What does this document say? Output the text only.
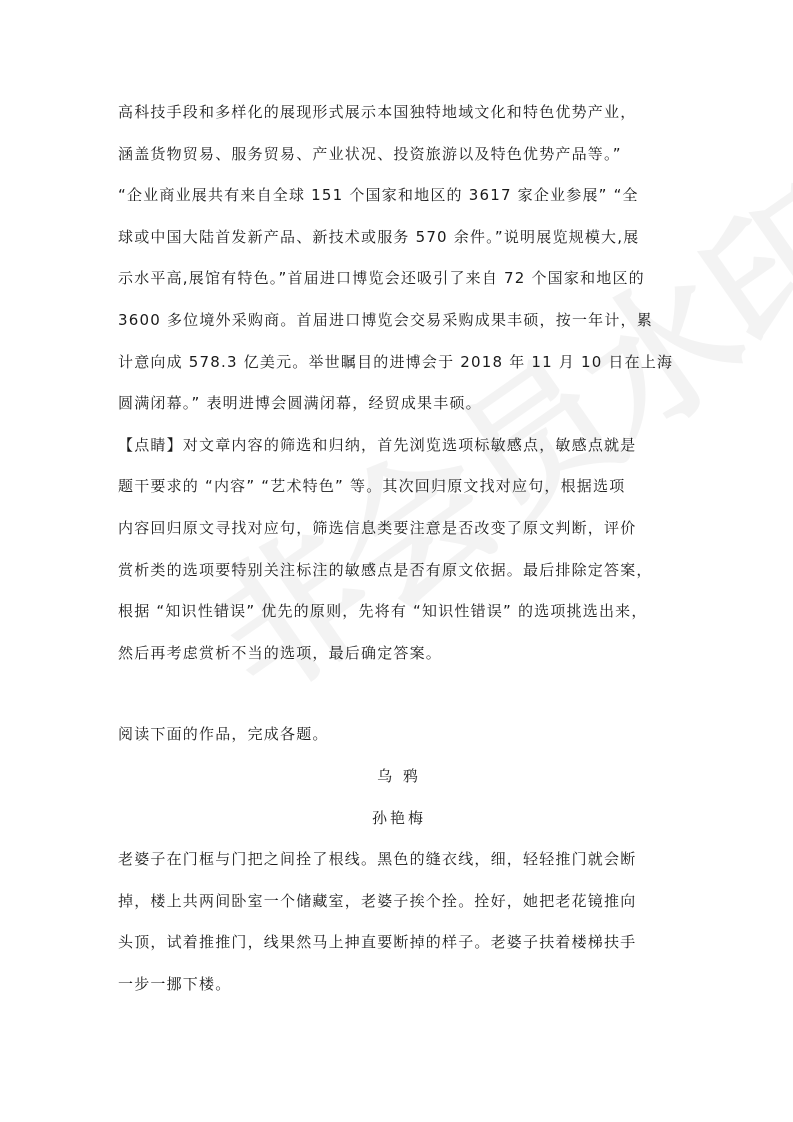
高科技手段和多样化的展现形式展示本国独特地域文化和特色优势产业，
涵盖货物贸易、服务贸易、产业状况、投资旅游以及特色优势产品等。”
“企业商业展共有来自全球 151 个国家和地区的 3617 家企业参展” “全
球或中国大陆首发新产品、新技术或服务 570 余件。”说明展览规模大,展
示水平高,展馆有特色。”首届进口博览会还吸引了来自 72 个国家和地区的
3600 多位境外采购商。首届进口博览会交易采购成果丰硕，按一年计，累
计意向成 578.3 亿美元。举世瞩目的进博会于 2018 年 11 月 10 日在上海
圆满闭幕。” 表明进博会圆满闭幕，经贸成果丰硕。

【点睛】对文章内容的筛选和归纳，首先浏览选项标敏感点，敏感点就是
题干要求的 “内容” “艺术特色” 等。其次回归原文找对应句，根据选项
内容回归原文寻找对应句，筛选信息类要注意是否改变了原文判断，评价
赏析类的选项要特别关注标注的敏感点是否有原文依据。最后排除定答案，
根据 “知识性错误” 优先的原则，先将有 “知识性错误” 的选项挑选出来，
然后再考虑赏析不当的选项，最后确定答案。

阅读下面的作品，完成各题。

乌 鸦
孙艳梅

老婆子在门框与门把之间拴了根线。黑色的缝衣线，细，轻轻推门就会断
掉，楼上共两间卧室一个储藏室，老婆子挨个拴。拴好，她把老花镜推向
头顶，试着推推门，线果然马上抻直要断掉的样子。老婆子扶着楼梯扶手
一步一挪下楼。
